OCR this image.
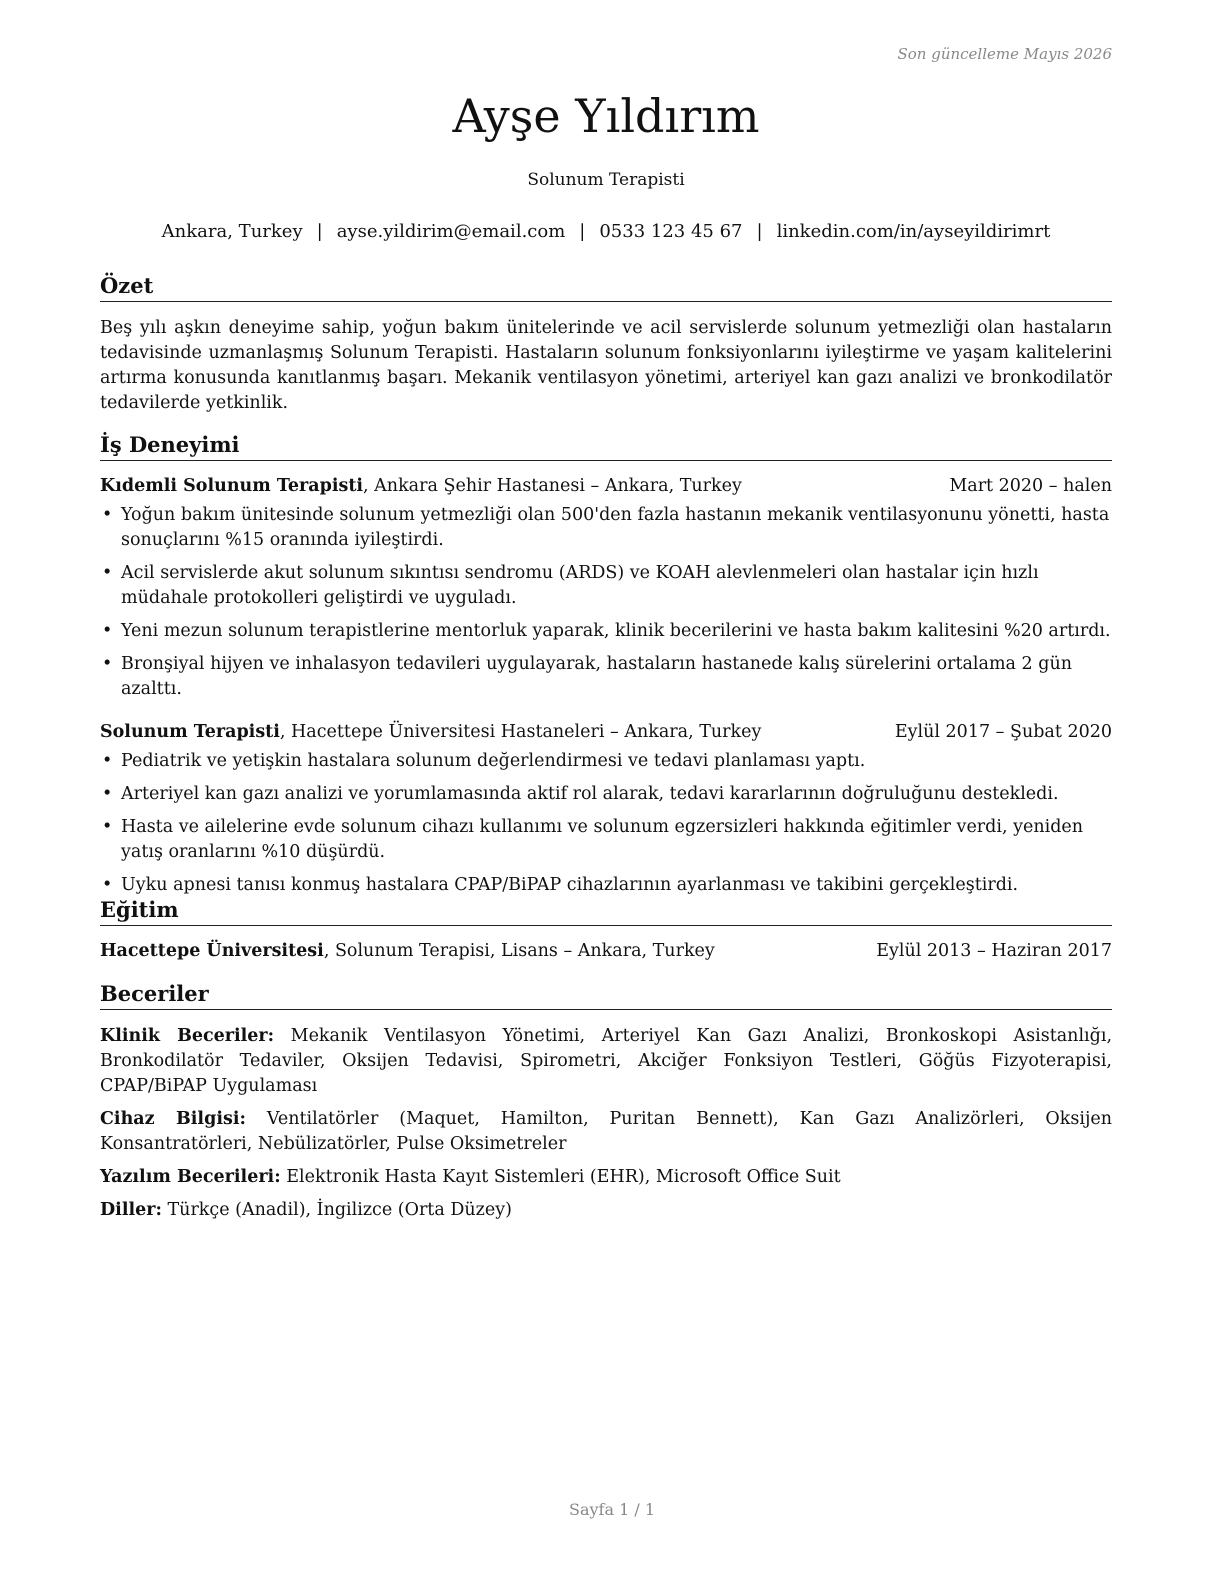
Son güncelleme Mayıs 2026
Ayşe Yıldırım
Solunum Terapisti
Ankara, Turkey | ayse.yildirim@email.com | 0533 123 45 67 | linkedin.com/in/ayseyildirimrt
Özet
Beş yılı aşkın deneyime sahip, yoğun bakım ünitelerinde ve acil servislerde solunum yetmezliği olan hastaların tedavisinde uzmanlaşmış Solunum Terapisti. Hastaların solunum fonksiyonlarını iyileştirme ve yaşam kalitelerini artırma konusunda kanıtlanmış başarı. Mekanik ventilasyon yönetimi, arteriyel kan gazı analizi ve bronkodilatör tedavilerde yetkinlik.
İş Deneyimi
Kıdemli Solunum Terapisti, Ankara Şehir Hastanesi – Ankara, Turkey	Mart 2020 – halen
• Yoğun bakım ünitesinde solunum yetmezliği olan 500'den fazla hastanın mekanik ventilasyonunu yönetti, hasta sonuçlarını %15 oranında iyileştirdi.
• Acil servislerde akut solunum sıkıntısı sendromu (ARDS) ve KOAH alevlenmeleri olan hastalar için hızlı müdahale protokolleri geliştirdi ve uyguladı.
• Yeni mezun solunum terapistlerine mentorluk yaparak, klinik becerilerini ve hasta bakım kalitesini %20 artırdı.
• Bronşiyal hijyen ve inhalasyon tedavileri uygulayarak, hastaların hastanede kalış sürelerini ortalama 2 gün azalttı.
Solunum Terapisti, Hacettepe Üniversitesi Hastaneleri – Ankara, Turkey	Eylül 2017 – Şubat 2020
• Pediatrik ve yetişkin hastalara solunum değerlendirmesi ve tedavi planlaması yaptı.
• Arteriyel kan gazı analizi ve yorumlamasında aktif rol alarak, tedavi kararlarının doğruluğunu destekledi.
• Hasta ve ailelerine evde solunum cihazı kullanımı ve solunum egzersizleri hakkında eğitimler verdi, yeniden yatış oranlarını %10 düşürdü.
• Uyku apnesi tanısı konmuş hastalara CPAP/BiPAP cihazlarının ayarlanması ve takibini gerçekleştirdi.
Eğitim
Hacettepe Üniversitesi, Solunum Terapisi, Lisans – Ankara, Turkey	Eylül 2013 – Haziran 2017
Beceriler
Klinik Beceriler: Mekanik Ventilasyon Yönetimi, Arteriyel Kan Gazı Analizi, Bronkoskopi Asistanlığı, Bronkodilatör Tedaviler, Oksijen Tedavisi, Spirometri, Akciğer Fonksiyon Testleri, Göğüs Fizyoterapisi, CPAP/BiPAP Uygulaması
Cihaz Bilgisi: Ventilatörler (Maquet, Hamilton, Puritan Bennett), Kan Gazı Analizörleri, Oksijen Konsantratörleri, Nebülizatörler, Pulse Oksimetreler
Yazılım Becerileri: Elektronik Hasta Kayıt Sistemleri (EHR), Microsoft Office Suit
Diller: Türkçe (Anadil), İngilizce (Orta Düzey)
Sayfa 1 / 1
